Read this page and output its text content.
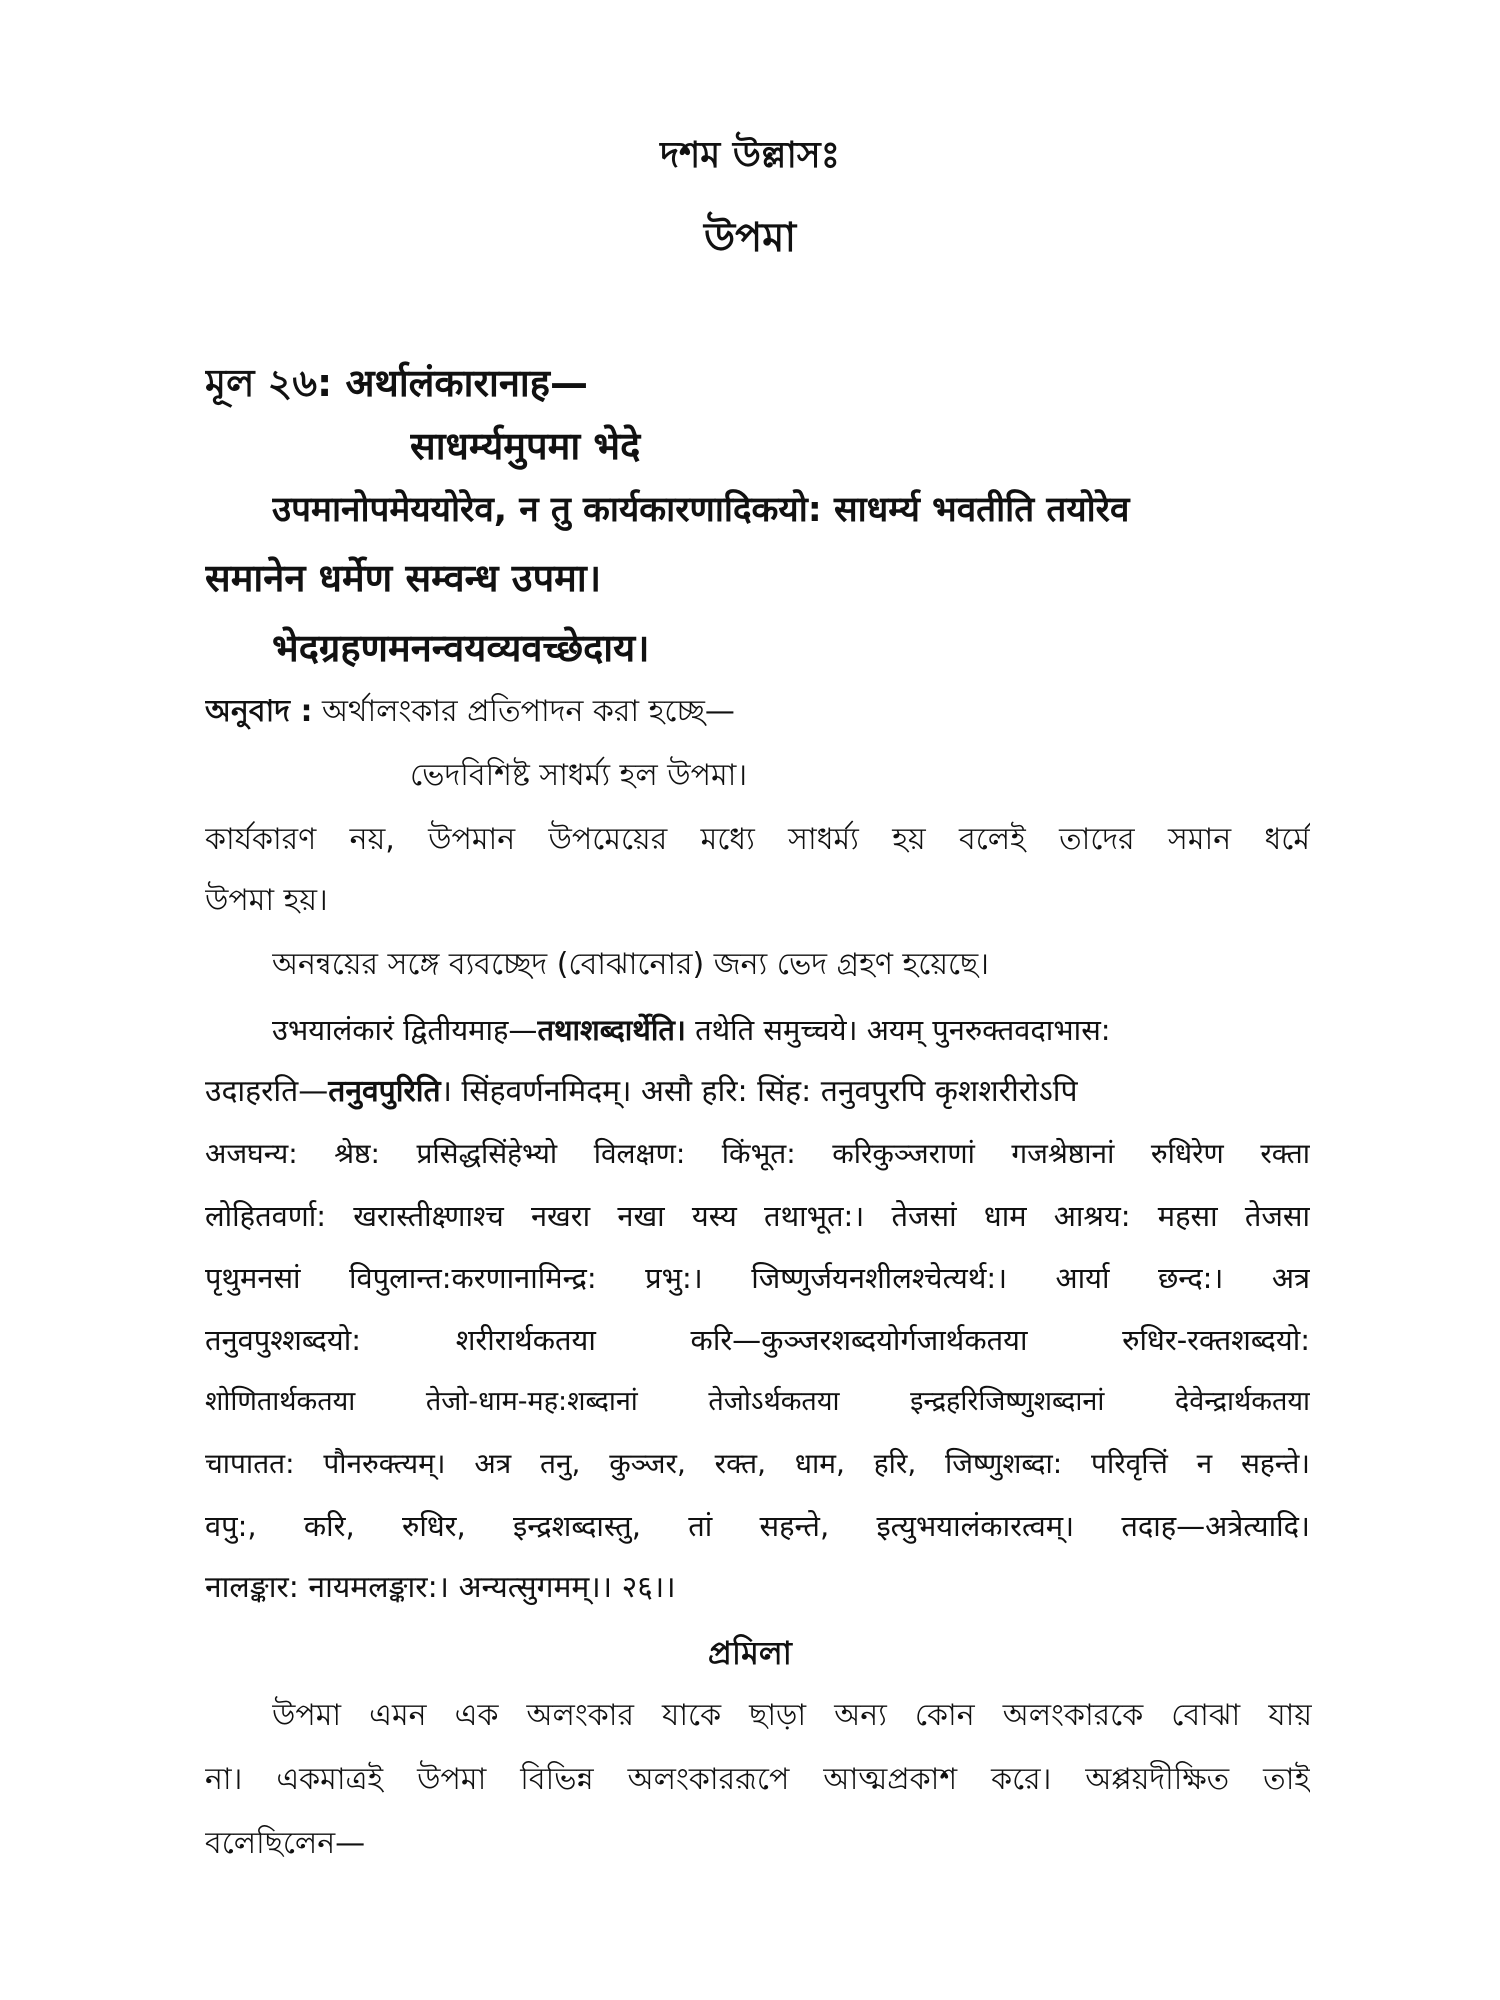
দশম উল্লাসঃ
উপমা
মূল ২৬: अर्थालंकारानाह—
साधर्म्यमुपमा भेदे
उपमानोपमेययोरेव, न तु कार्यकारणादिकयो: साधर्म्य भवतीति तयोरेव
समानेन धर्मेण सम्वन्ध उपमा।
भेदग्रहणमनन्वयव्यवच्छेदाय।
অনুবাদ : অর্থালংকার প্রতিপাদন করা হচ্ছে—
ভেদবিশিষ্ট সাধর্ম্য হল উপমা।
কার্যকারণ নয়, উপমান উপমেয়ের মধ্যে সাধর্ম্য হয় বলেই তাদের সমান ধর্মে
উপমা হয়।
অনন্বয়ের সঙ্গে ব্যবচ্ছেদ (বোঝানোর) জন্য ভেদ গ্রহণ হয়েছে।
उभयालंकारं द्वितीयमाह—तथाशब्दार्थेति। तथेति समुच्चये। अयम् पुनरुक्तवदाभास:
उदाहरति—तनुवपुरिति। सिंहवर्णनमिदम्। असौ हरि: सिंह: तनुवपुरपि कृशशरीरोऽपि
अजघन्य: श्रेष्ठ: प्रसिद्धसिंहेभ्यो विलक्षण: किंभूत: करिकुञ्जराणां गजश्रेष्ठानां रुधिरेण रक्ता
लोहितवर्णा: खरास्तीक्ष्णाश्च नखरा नखा यस्य तथाभूत:। तेजसां धाम आश्रय: महसा तेजसा
पृथुमनसां विपुलान्त:करणानामिन्द्र: प्रभु:। जिष्णुर्जयनशीलश्चेत्यर्थ:। आर्या छन्द:। अत्र
तनुवपुश्शब्दयो: शरीरार्थकतया करि—कुञ्जरशब्दयोर्गजार्थकतया रुधिर-रक्तशब्दयो:
शोणितार्थकतया तेजो-धाम-मह:शब्दानां तेजोऽर्थकतया इन्द्रहरिजिष्णुशब्दानां देवेन्द्रार्थकतया
चापातत: पौनरुक्त्यम्। अत्र तनु, कुञ्जर, रक्त, धाम, हरि, जिष्णुशब्दा: परिवृत्तिं न सहन्ते।
वपु:, करि, रुधिर, इन्द्रशब्दास्तु, तां सहन्ते, इत्युभयालंकारत्वम्। तदाह—अत्रेत्यादि।
नालङ्कार: नायमलङ्कार:। अन्यत्सुगमम्।। २६।।
প্রমিলা
উপমা এমন এক অলংকার যাকে ছাড়া অন্য কোন অলংকারকে বোঝা যায়
না। একমাত্রই উপমা বিভিন্ন অলংকাররূপে আত্মপ্রকাশ করে। অপ্পয়দীক্ষিত তাই
বলেছিলেন—
